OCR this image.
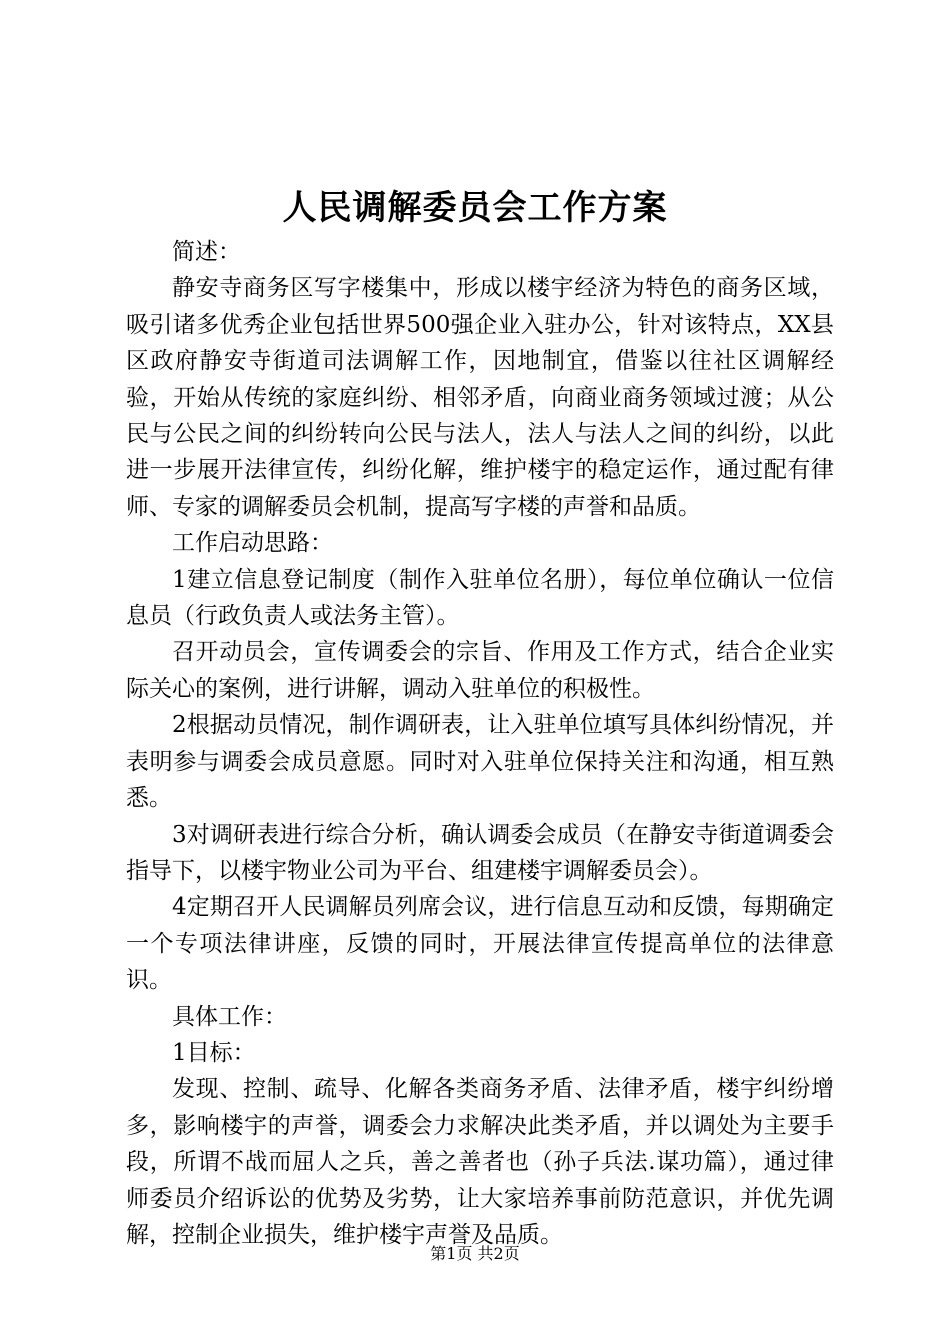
人民调解委员会工作方案

简述：

静安寺商务区写字楼集中，形成以楼宇经济为特色的商务区域，吸引诸多优秀企业包括世界500强企业入驻办公，针对该特点，XX县区政府静安寺街道司法调解工作，因地制宜，借鉴以往社区调解经验，开始从传统的家庭纠纷、相邻矛盾，向商业商务领域过渡；从公民与公民之间的纠纷转向公民与法人，法人与法人之间的纠纷，以此进一步展开法律宣传，纠纷化解，维护楼宇的稳定运作，通过配有律师、专家的调解委员会机制，提高写字楼的声誉和品质。

工作启动思路：

1建立信息登记制度（制作入驻单位名册），每位单位确认一位信息员（行政负责人或法务主管）。

召开动员会，宣传调委会的宗旨、作用及工作方式，结合企业实际关心的案例，进行讲解，调动入驻单位的积极性。

2根据动员情况，制作调研表，让入驻单位填写具体纠纷情况，并表明参与调委会成员意愿。同时对入驻单位保持关注和沟通，相互熟悉。

3对调研表进行综合分析，确认调委会成员（在静安寺街道调委会指导下，以楼宇物业公司为平台、组建楼宇调解委员会）。

4定期召开人民调解员列席会议，进行信息互动和反馈，每期确定一个专项法律讲座，反馈的同时，开展法律宣传提高单位的法律意识。

具体工作：

1目标：

发现、控制、疏导、化解各类商务矛盾、法律矛盾，楼宇纠纷增多，影响楼宇的声誉，调委会力求解决此类矛盾，并以调处为主要手段，所谓不战而屈人之兵，善之善者也（孙子兵法.谋功篇），通过律师委员介绍诉讼的优势及劣势，让大家培养事前防范意识，并优先调解，控制企业损失，维护楼宇声誉及品质。

第1页 共2页
